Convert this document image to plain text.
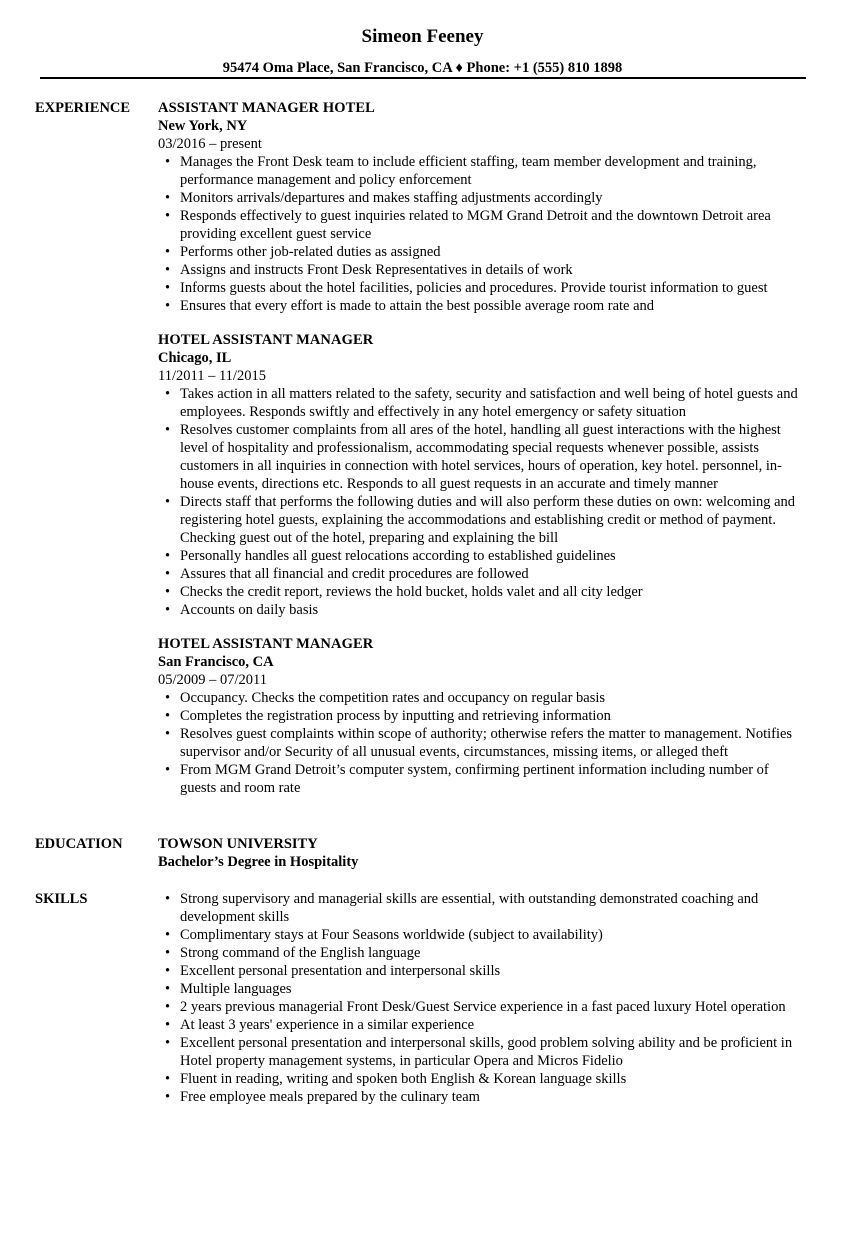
Simeon Feeney
95474 Oma Place, San Francisco, CA ♦ Phone: +1 (555) 810 1898
EXPERIENCE ASSISTANT MANAGER HOTEL
New York, NY
03/2016 – present
• Manages the Front Desk team to include efficient staffing, team member development and training, performance management and policy enforcement
• Monitors arrivals/departures and makes staffing adjustments accordingly
• Responds effectively to guest inquiries related to MGM Grand Detroit and the downtown Detroit area providing excellent guest service
• Performs other job-related duties as assigned
• Assigns and instructs Front Desk Representatives in details of work
• Informs guests about the hotel facilities, policies and procedures. Provide tourist information to guest
• Ensures that every effort is made to attain the best possible average room rate and
HOTEL ASSISTANT MANAGER
Chicago, IL
11/2011 – 11/2015
• Takes action in all matters related to the safety, security and satisfaction and well being of hotel guests and employees. Responds swiftly and effectively in any hotel emergency or safety situation
• Resolves customer complaints from all ares of the hotel, handling all guest interactions with the highest level of hospitality and professionalism, accommodating special requests whenever possible, assists customers in all inquiries in connection with hotel services, hours of operation, key hotel. personnel, in-house events, directions etc. Responds to all guest requests in an accurate and timely manner
• Directs staff that performs the following duties and will also perform these duties on own: welcoming and registering hotel guests, explaining the accommodations and establishing credit or method of payment. Checking guest out of the hotel, preparing and explaining the bill
• Personally handles all guest relocations according to established guidelines
• Assures that all financial and credit procedures are followed
• Checks the credit report, reviews the hold bucket, holds valet and all city ledger
• Accounts on daily basis
HOTEL ASSISTANT MANAGER
San Francisco, CA
05/2009 – 07/2011
• Occupancy. Checks the competition rates and occupancy on regular basis
• Completes the registration process by inputting and retrieving information
• Resolves guest complaints within scope of authority; otherwise refers the matter to management. Notifies supervisor and/or Security of all unusual events, circumstances, missing items, or alleged theft
• From MGM Grand Detroit’s computer system, confirming pertinent information including number of guests and room rate
EDUCATION TOWSON UNIVERSITY
Bachelor’s Degree in Hospitality
SKILLS
•	Strong supervisory and managerial skills are essential, with outstanding demonstrated coaching and development skills
• Complimentary stays at Four Seasons worldwide (subject to availability)
• Strong command of the English language
• Excellent personal presentation and interpersonal skills
• Multiple languages
• 2 years previous managerial Front Desk/Guest Service experience in a fast paced luxury Hotel operation
• At least 3 years' experience in a similar experience
• Excellent personal presentation and interpersonal skills, good problem solving ability and be proficient in Hotel property management systems, in particular Opera and Micros Fidelio
• Fluent in reading, writing and spoken both English & Korean language skills
• Free employee meals prepared by the culinary team
